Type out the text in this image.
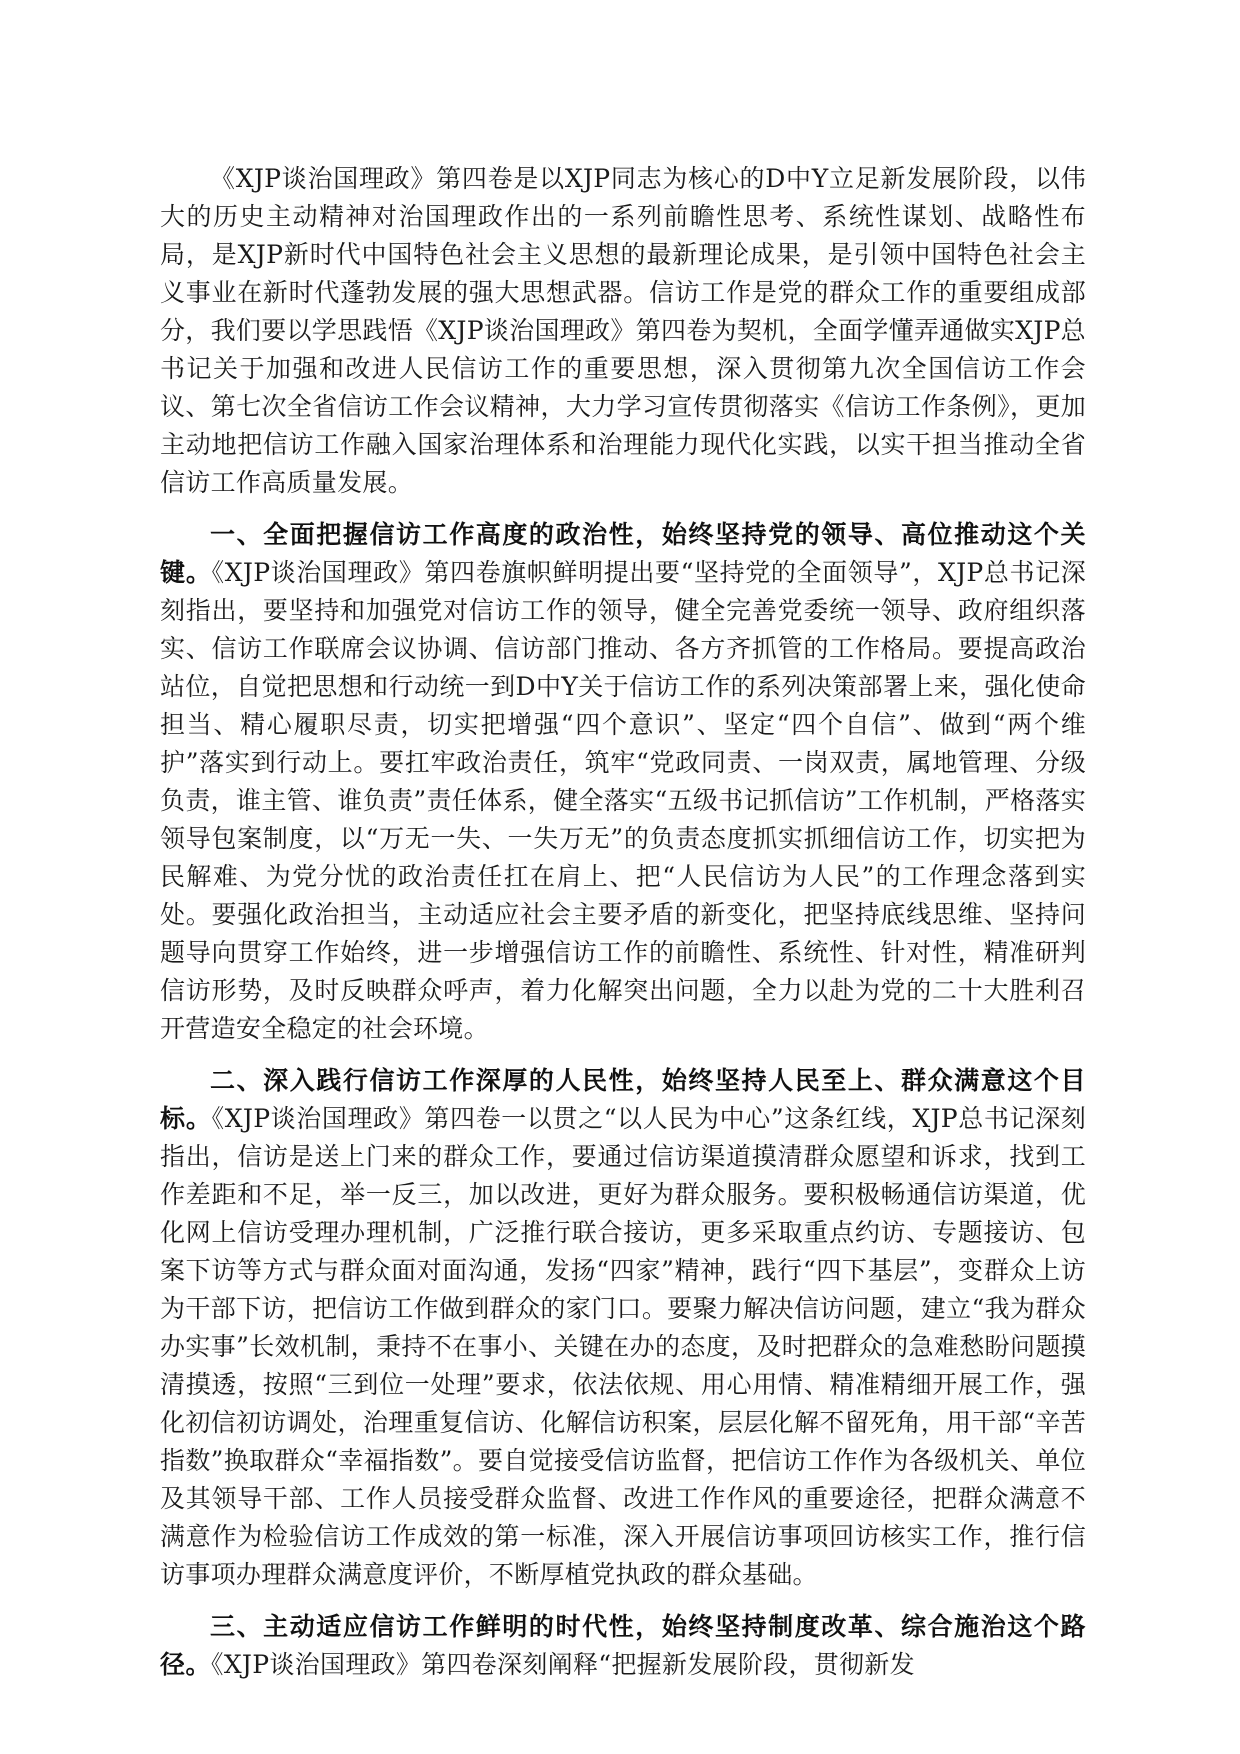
《XJP谈治国理政》第四卷是以XJP同志为核心的D中Y立足新发展阶段，以伟大的历史主动精神对治国理政作出的一系列前瞻性思考、系统性谋划、战略性布局，是XJP新时代中国特色社会主义思想的最新理论成果，是引领中国特色社会主义事业在新时代蓬勃发展的强大思想武器。信访工作是党的群众工作的重要组成部分，我们要以学思践悟《XJP谈治国理政》第四卷为契机，全面学懂弄通做实XJP总书记关于加强和改进人民信访工作的重要思想，深入贯彻第九次全国信访工作会议、第七次全省信访工作会议精神，大力学习宣传贯彻落实《信访工作条例》，更加主动地把信访工作融入国家治理体系和治理能力现代化实践，以实干担当推动全省信访工作高质量发展。

一、全面把握信访工作高度的政治性，始终坚持党的领导、高位推动这个关键。《XJP谈治国理政》第四卷旗帜鲜明提出要“坚持党的全面领导”，XJP总书记深刻指出，要坚持和加强党对信访工作的领导，健全完善党委统一领导、政府组织落实、信访工作联席会议协调、信访部门推动、各方齐抓管的工作格局。要提高政治站位，自觉把思想和行动统一到D中Y关于信访工作的系列决策部署上来，强化使命担当、精心履职尽责，切实把增强“四个意识”、坚定“四个自信”、做到“两个维护”落实到行动上。要扛牢政治责任，筑牢“党政同责、一岗双责，属地管理、分级负责，谁主管、谁负责”责任体系，健全落实“五级书记抓信访”工作机制，严格落实领导包案制度，以“万无一失、一失万无”的负责态度抓实抓细信访工作，切实把为民解难、为党分忧的政治责任扛在肩上、把“人民信访为人民”的工作理念落到实处。要强化政治担当，主动适应社会主要矛盾的新变化，把坚持底线思维、坚持问题导向贯穿工作始终，进一步增强信访工作的前瞻性、系统性、针对性，精准研判信访形势，及时反映群众呼声，着力化解突出问题，全力以赴为党的二十大胜利召开营造安全稳定的社会环境。

二、深入践行信访工作深厚的人民性，始终坚持人民至上、群众满意这个目标。《XJP谈治国理政》第四卷一以贯之“以人民为中心”这条红线，XJP总书记深刻指出，信访是送上门来的群众工作，要通过信访渠道摸清群众愿望和诉求，找到工作差距和不足，举一反三，加以改进，更好为群众服务。要积极畅通信访渠道，优化网上信访受理办理机制，广泛推行联合接访，更多采取重点约访、专题接访、包案下访等方式与群众面对面沟通，发扬“四家”精神，践行“四下基层”，变群众上访为干部下访，把信访工作做到群众的家门口。要聚力解决信访问题，建立“我为群众办实事”长效机制，秉持不在事小、关键在办的态度，及时把群众的急难愁盼问题摸清摸透，按照“三到位一处理”要求，依法依规、用心用情、精准精细开展工作，强化初信初访调处，治理重复信访、化解信访积案，层层化解不留死角，用干部“辛苦指数”换取群众“幸福指数”。要自觉接受信访监督，把信访工作作为各级机关、单位及其领导干部、工作人员接受群众监督、改进工作作风的重要途径，把群众满意不满意作为检验信访工作成效的第一标准，深入开展信访事项回访核实工作，推行信访事项办理群众满意度评价，不断厚植党执政的群众基础。

三、主动适应信访工作鲜明的时代性，始终坚持制度改革、综合施治这个路径。《XJP谈治国理政》第四卷深刻阐释“把握新发展阶段，贯彻新发
